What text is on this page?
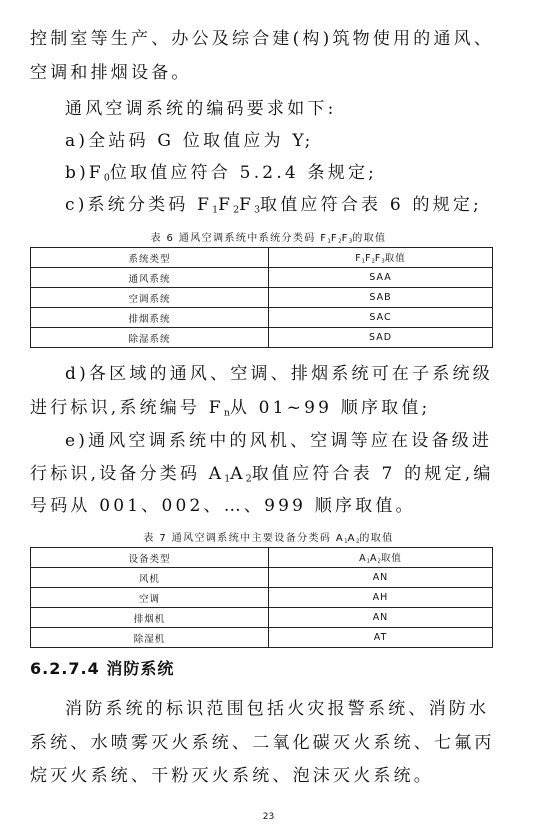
控制室等生产、办公及综合建(构)筑物使用的通风、
空调和排烟设备。
通风空调系统的编码要求如下:
a)全站码 G 位取值应为 Y;
$b)F_0$位取值应符合 5.2.4 条规定;
c)系统分类码 $F_1F_2F_3$取值应符合表 6 的规定;
表 6 通风空调系统中系统分类码 $F_1F_2F_3$的取值
系统类型	$F_1F_2F_3$取值
通风系统	SAA
空调系统	SAB
排烟系统	SAC
除湿系统	SAD
d)各区域的通风、空调、排烟系统可在子系统级
进行标识,系统编号 $F_n$从 01~99 顺序取值;
e)通风空调系统中的风机、空调等应在设备级进
行标识,设备分类码 $A_1A_2$取值应符合表 7 的规定,编
号码从 001、002、…、999 顺序取值。
表 7 通风空调系统中主要设备分类码 $A_1A_2$的取值
设备类型	$A_1A_2$取值
风机	AN
空调	AH
排烟机	AN
除湿机	AT
6.2.7.4 消防系统
消防系统的标识范围包括火灾报警系统、消防水
系统、水喷雾灭火系统、二氧化碳灭火系统、七氟丙
烷灭火系统、干粉灭火系统、泡沫灭火系统。
23
